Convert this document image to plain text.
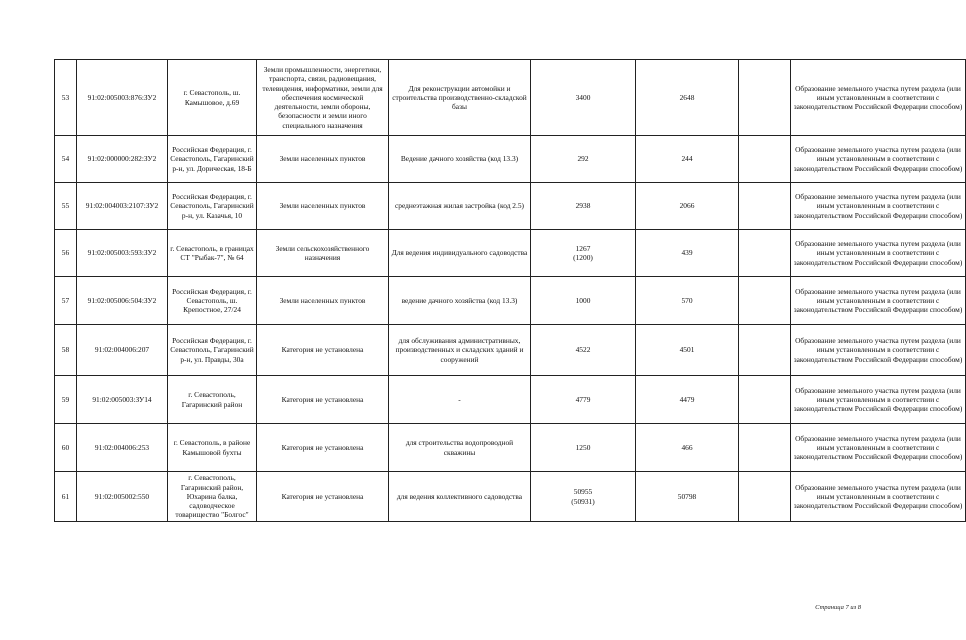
53	91:02:005003:876:ЗУ2	г. Севастополь, ш. Камышовое, д.69	Земли промышленности, энергетики, транспорта, связи, радиовещания, телевидения, информатики, земли для обеспечения космической деятельности, земли обороны, безопасности и земли иного специального назначения	Для реконструкции автомойки и строительства производственно-складской базы	3400	2648		Образование земельного участка путем раздела (или иным установленным в соответствии с законодательством Российской Федерации способом)
54	91:02:000000:282:ЗУ2	Российская Федерация, г. Севастополь, Гагаринский р-н, ул. Дорическая, 18-Б	Земли населенных пунктов	Ведение дачного хозяйства (код 13.3)	292	244		Образование земельного участка путем раздела (или иным установленным в соответствии с законодательством Российской Федерации способом)
55	91:02:004003:2107:ЗУ2	Российская Федерация, г. Севастополь, Гагаринский р-н, ул. Казачья, 10	Земли населенных пунктов	среднеэтажная жилая застройка (код 2.5)	2938	2066		Образование земельного участка путем раздела (или иным установленным в соответствии с законодательством Российской Федерации способом)
56	91:02:005003:593:ЗУ2	г. Севастополь, в границах СТ "Рыбак-7", № 64	Земли сельскохозяйственного назначения	Для ведения индивидуального садоводства	1267
(1200)	439		Образование земельного участка путем раздела (или иным установленным в соответствии с законодательством Российской Федерации способом)
57	91:02:005006:504:ЗУ2	Российская Федерация, г. Севастополь, ш. Крепостное, 27/24	Земли населенных пунктов	ведение дачного хозяйства (код 13.3)	1000	570		Образование земельного участка путем раздела (или иным установленным в соответствии с законодательством Российской Федерации способом)
58	91:02:004006:207	Российская Федерация, г. Севастополь, Гагаринский р-н, ул. Правды, 30а	Категория не установлена	для обслуживания административных, производственных и складских зданий и сооружений	4522	4501		Образование земельного участка путем раздела (или иным установленным в соответствии с законодательством Российской Федерации способом)
59	91:02:005003:ЗУ14	г. Севастополь, Гагаринский район	Категория не установлена	-	4779	4479		Образование земельного участка путем раздела (или иным установленным в соответствии с законодательством Российской Федерации способом)
60	91:02:004006:253	г. Севастополь, в районе Камышовой бухты	Категория не установлена	для строительства водопроводной скважины	1250	466		Образование земельного участка путем раздела (или иным установленным в соответствии с законодательством Российской Федерации способом)
61	91:02:005002:550	г. Севастополь, Гагаринский район, Юхарина балка, садоводческое товарищество "Болгос"	Категория не установлена	для ведения коллективного садоводства	50955
(50931)	50798		Образование земельного участка путем раздела (или иным установленным в соответствии с законодательством Российской Федерации способом)
Страница 7 из 8
